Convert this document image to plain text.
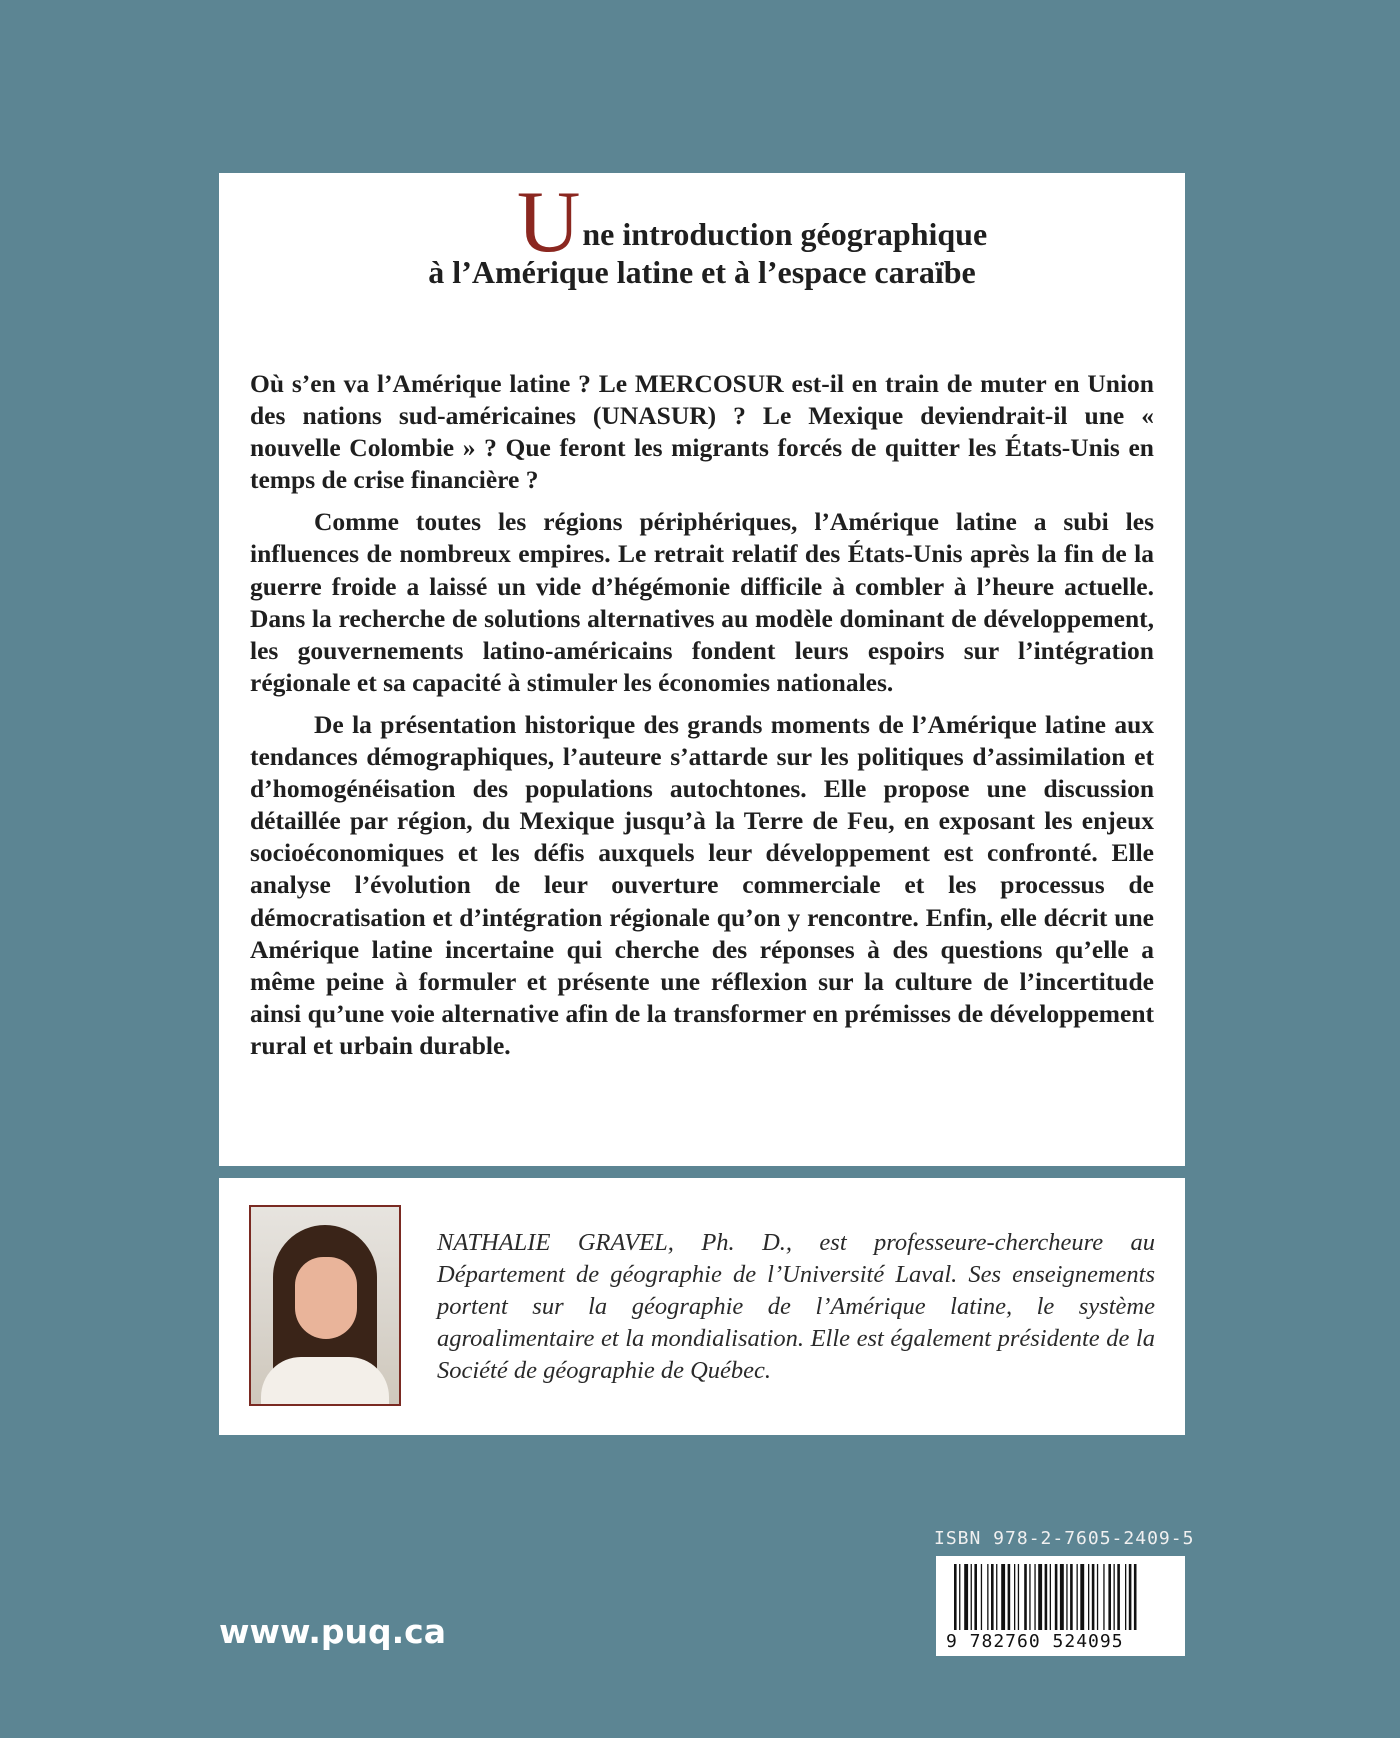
Une introduction géographique
à l’Amérique latine et à l’espace caraïbe

Où s’en va l’Amérique latine ? Le MERCOSUR est-il en train de muter en Union des nations sud-américaines (UNASUR) ? Le Mexique deviendrait-il une « nouvelle Colombie » ? Que feront les migrants forcés de quitter les États-Unis en temps de crise financière ?

Comme toutes les régions périphériques, l’Amérique latine a subi les influences de nombreux empires. Le retrait relatif des États-Unis après la fin de la guerre froide a laissé un vide d’hégémonie difficile à combler à l’heure actuelle. Dans la recherche de solutions alternatives au modèle dominant de développement, les gouvernements latino-américains fondent leurs espoirs sur l’intégration régionale et sa capacité à stimuler les économies nationales.

De la présentation historique des grands moments de l’Amérique latine aux tendances démographiques, l’auteure s’attarde sur les politiques d’assimilation et d’homogénéisation des populations autochtones. Elle propose une discussion détaillée par région, du Mexique jusqu’à la Terre de Feu, en exposant les enjeux socioéconomiques et les défis auxquels leur développement est confronté. Elle analyse l’évolution de leur ouverture commerciale et les processus de démocratisation et d’intégration régionale qu’on y rencontre. Enfin, elle décrit une Amérique latine incertaine qui cherche des réponses à des questions qu’elle a même peine à formuler et présente une réflexion sur la culture de l’incertitude ainsi qu’une voie alternative afin de la transformer en prémisses de développement rural et urbain durable.

NATHALIE GRAVEL, Ph. D., est professeure-chercheure au Département de géographie de l’Université Laval. Ses enseignements portent sur la géographie de l’Amérique latine, le système agroalimentaire et la mondialisation. Elle est également présidente de la Société de géographie de Québec.
ISBN 978-2-7605-2409-5
9 782760 524095
www.puq.ca
